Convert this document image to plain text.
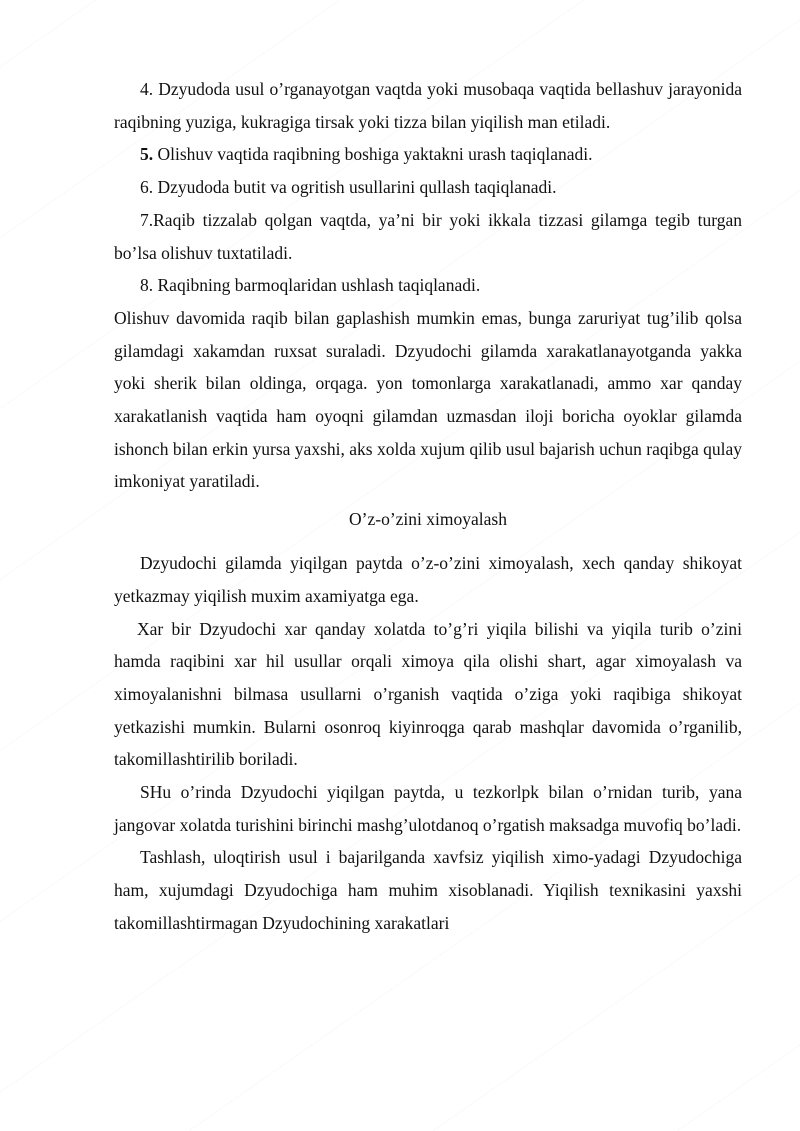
4. Dzyudoda usul o’rganayotgan vaqtda yoki musobaqa vaqtida bellashuv jarayonida raqibning yuziga, kukragiga tirsak yoki tizza bilan yiqilish man etiladi.

5. Olishuv vaqtida raqibning boshiga yaktakni urash taqiqlanadi.

6. Dzyudoda butit va ogritish usullarini qullash taqiqlanadi.

7.Raqib tizzalab qolgan vaqtda, ya’ni bir yoki ikkala tizzasi gilamga tegib turgan bo’lsa olishuv tuxtatiladi.

8. Raqibning barmoqlaridan ushlash taqiqlanadi.

Olishuv davomida raqib bilan gaplashish mumkin emas, bunga zaruriyat tug’ilib qolsa gilamdagi xakamdan ruxsat suraladi. Dzyudochi gilamda xarakatlanayotganda yakka yoki sherik bilan oldinga, orqaga. yon tomonlarga xarakatlanadi, ammo xar qanday xarakatlanish vaqtida ham oyoqni gilamdan uzmasdan iloji boricha oyoklar gilamda ishonch bilan erkin yursa yaxshi, aks xolda xujum qilib usul bajarish uchun raqibga qulay imkoniyat yaratiladi.

O’z-o’zini ximoyalash

Dzyudochi gilamda yiqilgan paytda o’z-o’zini ximoyalash, xech qanday shikoyat yetkazmay yiqilish muxim axamiyatga ega.

Xar bir Dzyudochi xar qanday xolatda to’g’ri yiqila bilishi va yiqila turib o’zini hamda raqibini xar hil usullar orqali ximoya qila olishi shart, agar ximoyalash va ximoyalanishni bilmasa usullarni o’rganish vaqtida o’ziga yoki raqibiga shikoyat yetkazishi mumkin. Bularni osonroq kiyinroqga qarab mashqlar davomida o’rganilib, takomillashtirilib boriladi.

SHu o’rinda Dzyudochi yiqilgan paytda, u tezkorlpk bilan o’rnidan turib, yana jangovar xolatda turishini birinchi mashg’ulotdanoq o’rgatish maksadga muvofiq bo’ladi.

Tashlash, uloqtirish usul i bajarilganda xavfsiz yiqilish ximo-yadagi Dzyudochiga ham, xujumdagi Dzyudochiga ham muhim xisoblanadi. Yiqilish texnikasini yaxshi takomillashtirmagan Dzyudochining xarakatlari
